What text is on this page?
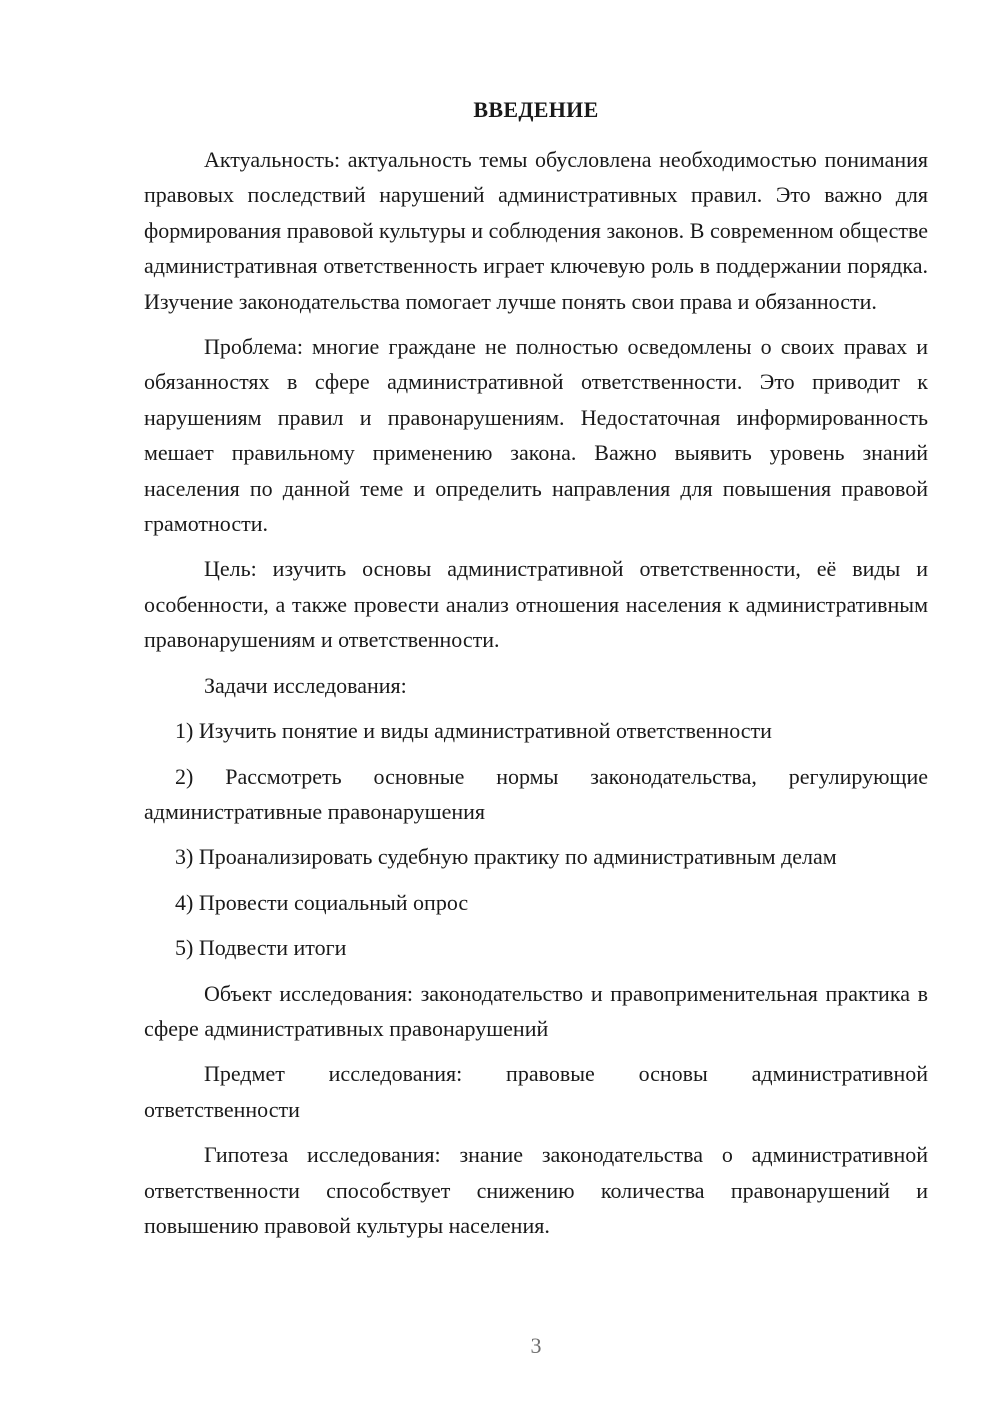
ВВЕДЕНИЕ

Актуальность: актуальность темы обусловлена необходимостью понимания правовых последствий нарушений административных правил. Это важно для формирования правовой культуры и соблюдения законов. В современном обществе административная ответственность играет ключевую роль в поддержании порядка. Изучение законодательства помогает лучше понять свои права и обязанности.

Проблема: многие граждане не полностью осведомлены о своих правах и обязанностях в сфере административной ответственности. Это приводит к нарушениям правил и правонарушениям. Недостаточная информированность мешает правильному применению закона. Важно выявить уровень знаний населения по данной теме и определить направления для повышения правовой грамотности.

Цель: изучить основы административной ответственности, её виды и особенности, а также провести анализ отношения населения к административным правонарушениям и ответственности.

Задачи исследования:

1) Изучить понятие и виды административной ответственности

2) Рассмотреть основные нормы законодательства, регулирующие административные правонарушения

3) Проанализировать судебную практику по административным делам

4) Провести социальный опрос

5) Подвести итоги

Объект исследования: законодательство и правоприменительная практика в сфере административных правонарушений

Предмет исследования: правовые основы административной ответственности

Гипотеза исследования: знание законодательства о административной ответственности способствует снижению количества правонарушений и повышению правовой культуры населения.

3
